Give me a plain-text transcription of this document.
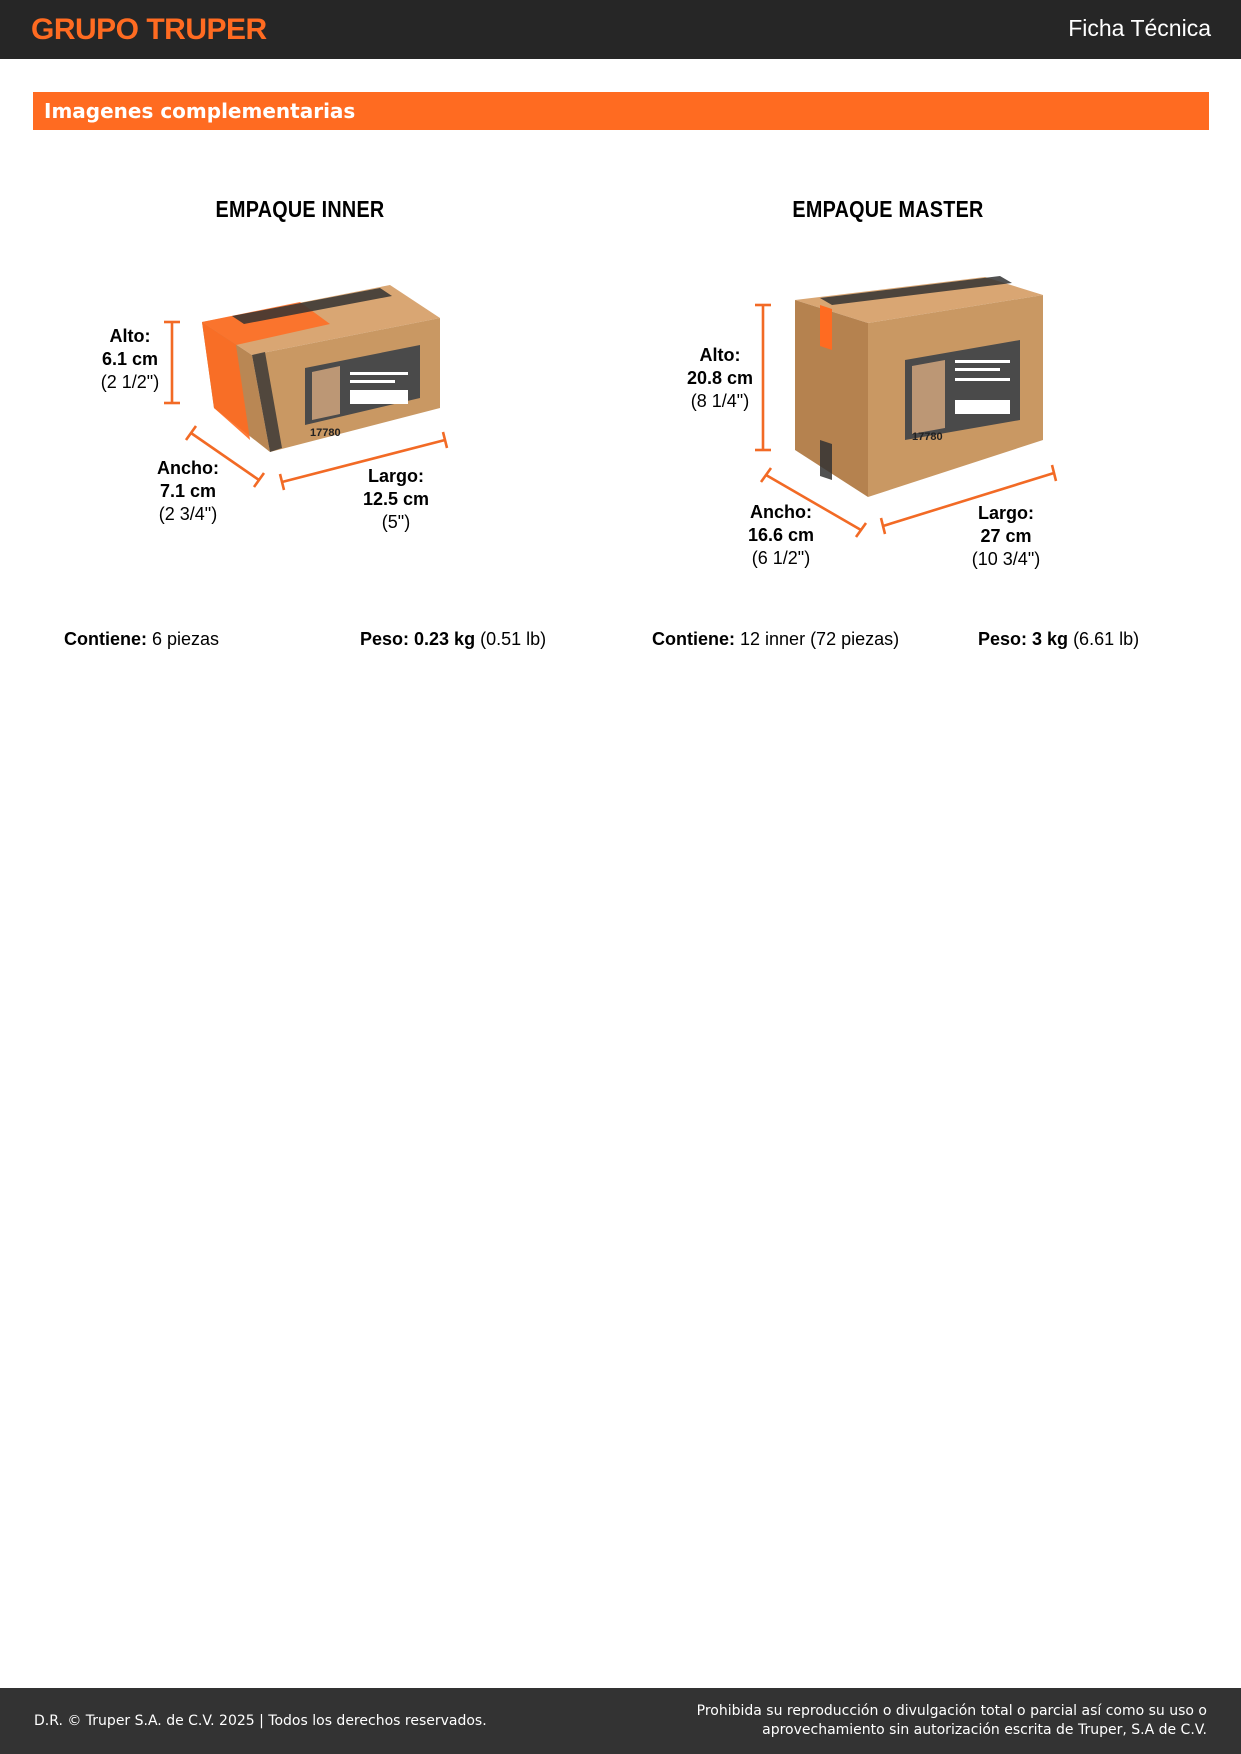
GRUPO TRUPER	Ficha Técnica
Imagenes complementarias
EMPAQUE INNER	EMPAQUE MASTER
17780	17780
Alto:
6.1 cm
(2 1/2")
Ancho:
7.1 cm
(2 3/4")
Largo:
12.5 cm
(5")
Alto:
20.8 cm
(8 1/4")
Ancho:
16.6 cm
(6 1/2")
Largo:
27 cm
(10 3/4")
Contiene: 6 piezas	Peso: 0.23 kg (0.51 lb)	Contiene: 12 inner (72 piezas)	Peso: 3 kg (6.61 lb)
D.R. © Truper S.A. de C.V. 2025 | Todos los derechos reservados.
Prohibida su reproducción o divulgación total o parcial así como su uso o
aprovechamiento sin autorización escrita de Truper, S.A de C.V.
